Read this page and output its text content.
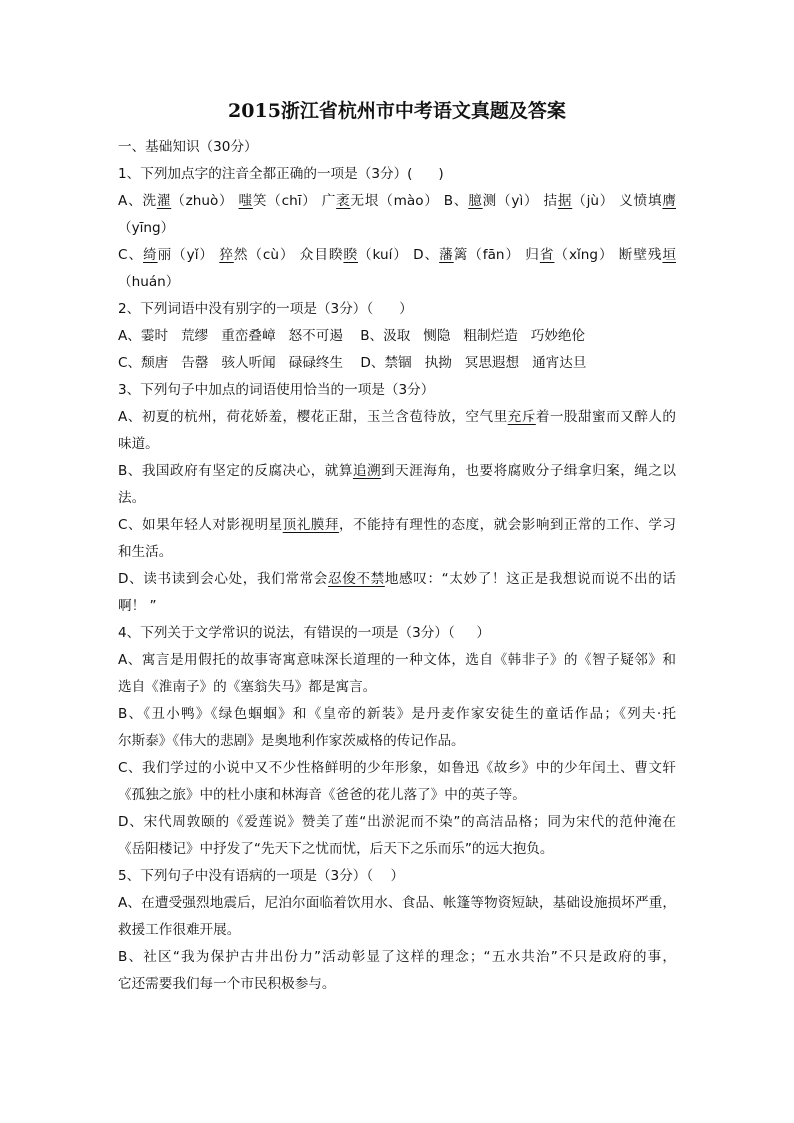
2015浙江省杭州市中考语文真题及答案
一、基础知识（30分）
1、下列加点字的注音全都正确的一项是（3分）(      )
A、洗濯（zhuò） 嗤笑（chī） 广袤无垠（mào） B、臆测（yì） 拮据（jù） 义愤填膺
（yīng）
C、绮丽（yǐ） 猝然（cù） 众目睽睽（kuí） D、藩篱（fān） 归省（xǐng） 断壁残垣
（huán）
2、下列词语中没有别字的一项是（3分）（      ）
A、霎时   荒缪   重峦叠嶂   怒不可遏    B、汲取   恻隐   粗制烂造   巧妙绝伦
C、颓唐   告罄   骇人听闻   碌碌终生    D、禁锢   执拗   冥思遐想   通宵达旦
3、下列句子中加点的词语使用恰当的一项是（3分）
A、初夏的杭州，荷花娇羞，樱花正甜，玉兰含苞待放，空气里充斥着一股甜蜜而又醉人的
味道。
B、我国政府有坚定的反腐决心，就算追溯到天涯海角，也要将腐败分子缉拿归案，绳之以
法。
C、如果年轻人对影视明星顶礼膜拜，不能持有理性的态度，就会影响到正常的工作、学习
和生活。
D、读书读到会心处，我们常常会忍俊不禁地感叹：“太妙了！这正是我想说而说不出的话
啊！ ”
4、下列关于文学常识的说法，有错误的一项是（3分）（     ）
A、寓言是用假托的故事寄寓意味深长道理的一种文体，选自《韩非子》的《智子疑邻》和
选自《淮南子》的《塞翁失马》都是寓言。
B、《丑小鸭》《绿色蝈蝈》和《皇帝的新装》是丹麦作家安徒生的童话作品；《列夫·托
尔斯泰》《伟大的悲剧》是奥地利作家茨威格的传记作品。
C、我们学过的小说中又不少性格鲜明的少年形象，如鲁迅《故乡》中的少年闰土、曹文轩
《孤独之旅》中的杜小康和林海音《爸爸的花儿落了》中的英子等。
D、宋代周敦颐的《爱莲说》赞美了莲“出淤泥而不染”的高洁品格；同为宋代的范仲淹在
《岳阳楼记》中抒发了“先天下之忧而忧，后天下之乐而乐”的远大抱负。
5、下列句子中没有语病的一项是（3分）（    ）
A、在遭受强烈地震后，尼泊尔面临着饮用水、食品、帐篷等物资短缺，基础设施损坏严重，
救援工作很难开展。
B、社区“我为保护古井出份力”活动彰显了这样的理念；“五水共治”不只是政府的事，
它还需要我们每一个市民积极参与。
